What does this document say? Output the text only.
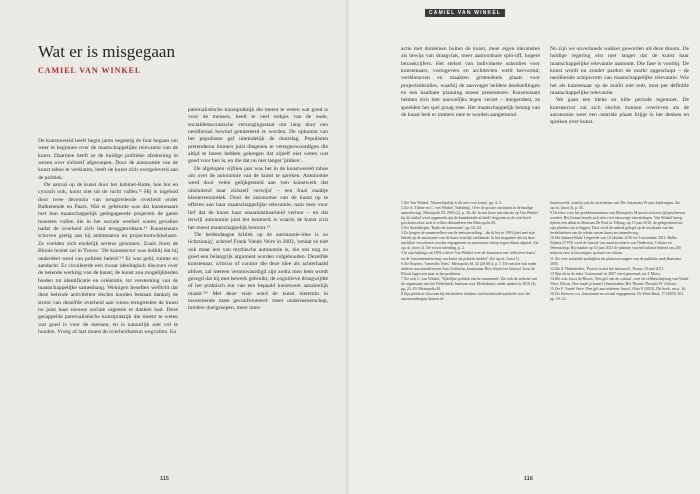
Wat er is misgegaan
CAMIEL VAN WINKEL

De kunstwereld heeft begin jaren negentig de fout begaan om weer te beginnen over de maatschappelijke relevantie van de kunst. Daarmee heeft ze de huidige politieke afrekening in wezen over zichzelf afgeroepen. Door de autonomie van de kunst taboe te verklaren, heeft de kunst zich overgeleverd aan de politiek.

De aanval op de kunst door het kabinet-Rutte, hoe bot en cynisch ook, komt niet uit de lucht vallen.¹² Hij is ingeluid door twee decennia van terugtredende overheid onder Balkenende en Paars. Wat er gebeurde was dat kunstenaars met hun maatschappelijk geëngageerde projecten de gaten moesten vullen die in het sociale weefsel waren gevallen nadat de overheid zich had teruggetrokken.¹³ Kunstenaars schoven gretig aan bij ambtenaren en projectontwikkelaars. Ze voelden zich eindelijk serieus genomen. Zoals Joost de Bloois recent zei in Trouw: 'De kunstsector was dolblij dat hij onderdeel werd van politiek beleid.'¹⁴ Er was geld, ruimte en aandacht. Er circuleerde een zwaar ideologisch discours over de helende werking van de kunst; de kunst zou mogelijkheden bieden tot identificatie en oriëntatie, tot versterking van de maatschappelijke samenhang. Weinigen beseften wellicht dat deze helende activiteiten slechts konden bestaan dankzij de strom van dezelfde overheid aan wiens terugtreden de kunst nu juist haar nieuwe sociale urgentie te danken had. Deze gesappelde paternalistische kunstpraktijk die meent te weten wat goed is voor de mensen, en is natuurlijk niet vol te houden. Vroeg of laat moest de overheidssteun wegvallen. En

paternalistische kunstpraktijk die meent te weten wat goed is voor de mensen, heeft te veel trekjes van de oude, socialdemocratische verzorgingsstaat om lang door een neoliberaal bewind getolereerd te worden. De opkomst van het populisme gaf uiteindelijk de doorslag. Populisten pretenderen immers juist diegenen te vertegenwoordigen die altijd te horen hebben gekregen dat zijzelf niet weten wat goed voor hen is, en die dat nu niet langer 'pikken'.

De afgelopen vijftien jaar was het in de kunstwereld taboe om over de autonomie van de kunst te spreken. Autonomie werd door velen gelijkgesteld aan 'een kunstwerk dat uitsluitend naar zichzelf verwijst' – een fraai staaltje kleutersemiotiek. Door de autonomie van de kunst op te offeren aan haar maatschappelijke relevantie, nam men voor lief dat de kunst haar onaantastbaarheid verloor – en dat terwijl autonomie juist het kenmerk is waarin de kunst zich het meest maatschappelijk betoont.¹⁵

'De hedendaagse kritiek op de autonomie-idee is zo lichtzinnig', schreef Frank Vande Veire in 2003, 'omdat ze niet ook maar iets van mythische autonomie is, die ons nog zo goed een belangrijk argument worden volgehouden. Dezelfde kunstenaar, criticus of curator die deze idee als achterhaald afdoet, zal meteen verontwaardigd zijn zodra men hem wordt gezegd dat hij met bewerk gebruikt, de cognitieve draagwijdte of het praktisch nut van een bepaald kunstwerk aanzienlijk maakt.'¹⁶ Met deze visie werd de kunst nietemin in toenemende mate geconfronteerd: meer ondernemerschap, bredere doelgroepen, meer inter-

115

actie met domeinen buiten de kunst, meer eigen inkomsten als bewijs van draagvlak, meer aantoonbare spin-off, hogere bezoekcijfers. Het stelsel van individuele subsidies voor kunstenaars, vormgevers en architecten werd hervormd; werkbeurzen en maakten grotendeels plaats voor projectsubsidies, waarbij de aanvrager heldere doelstellingen en een haalbare planning moest presenteren. Kunstenaars hebben zich hier nauwelijks tegen verzet – integendeel, ze speelden het spel graag mee. Het maatschappelijk belang van de kunst leek er immers mee te worden aangetoond.

Nu zijn we onverhoeds wakker geworden uit deze droom. De huidige regering eist niet langer dat de kunst haar maatschappelijke relevantie aantoont. Die fase is voorbij. De kunst wordt nu zonder pardon de markt opgeschopt – de neoliberale schijnvorm van maatschappelijke relevantie. Wie het als kunstenaar op de markt niet redt, mist per definitie maatschappelijke relevantie.

We gaan een bleke en kille periode tegemoet. De kunstsector zal zich slechts kunnen overleven als de autonomie weer een centrale plaats krijgt in het denken en spreken over kunst.

1 Zie Van Winkel, 'Waarschijnlijk is dit niet voor kunst', pp. 4–5.
2 Zie A. Tilmie en C. van Winkel, 'Inleiding'. Over de positie van kunst in de huidige samenleving', Metropolis M, 2003 (2), p. 36–40. In een korte introductie op Van Winkel bij dit artikel werd opgemerkt dat de kunstkritiek zichzelf enigszins in de voet heeft geschoten door zich te willen distantiëren van Metropolis M.
3 Zie Steenbergen, 'Radicale autonomie', pp. 62–63.
4 Zo kregen de samenstellers van de tentoonstelling – die ik het in 1993 (zie) met zijn kritiek op de autonomie van de kunst feitelijk verklaarde. In het magazine dat bij deze jaarlijkse verschenen worden engagement en autonomie scherp tegen elkaar afgezet. Zie op.cit. (noot 2). De voorts inleiding, p. 2.
5 In zijn bijdrage uit 1994 schreef Van Winkel over de domeinen van 'reflexieve kunst' en de 'instrumentalisering van kunst als politiek middel', Zie op.cit. (noot 1).
6 Zie Ruyters, 'Generalis Niets', Metropolis M, 32 (2010) 4, p. 5. De reacties van onder anderen museumdirecteur Ann Goldstein, kunstenaar Hito Steyerl en filosoof Joost de Bloois lagen een paar in het probleem.
7 Zie ook C. van Winkel, 'Tijdelijke politiek van de autonomie', Zie ook de website van de organisatie van het Nederlands Instituut voor Mediakunst, onder andere in 2010 (3), pp. 23–29. Metropolis M.
8 Zijn pleidooi sloot aan bij een bredere tendens van hernieuwde aandacht voor het autonomiebegrip binnen de
kunstwereld, waarbij ook de activiteiten van The Autonomy Project bijdroegen. Zie op.cit. (noot 3), p. 45.
9 De tekst voor het probleemnummer van Metropolis M moest in korte tijd geschreven worden. Het format laende zich niet voor uitvoerige uitweidingen. Van Winkel kreeg tijdens een debat in Museum De Pont in Tilburg, op 15 juni 2010, de gelegenheid om zijn pleidooi uit te leggen. Daar werd de nadruk gelegd op de noodzaak van het herdefiniëren van de relatie tussen kunst en samenleving.
10 Het kabinet-Rutte I regeerde van 14 oktober 2010 tot 5 november 2012. Halbe Zijlstra (VVD) werd de functie van staatssecretaris van Onderwijs, Cultuur en Wetenschap. Hij maakte op 10 juni 2011 de plannen van het kabinet bekend om 200 miljoen euro te bezuinigen op kunst en cultuur.
11 Zie over artistieke praktijken als plaatsvervangers van de publieke zaak Runcima 2005.
12 Zie S. Hiskemuller, 'Protest is niet het antwoord', Trouw, 10 mei 2011.
13 Wat als in de tekst 'Autonomie' in 2007 werd genoemd; zie J. Mooy.
14 Zie ook: Joost de Bloois, 'Een gift van de cultuur', over de zelfbeschrijving van Vande Veire. Bloois, Hoe maak je kunst? (Amsterdam: Het Theater Theodor W. Adorno.
15 Zie F. Vande Veire, 'Een gift aan iedereen: kunst', Okto 8 (2003). Dit boek, zie p. 16.
16 Zie hierover o.a. Autonomie en sociaal engagement, De Witte Raaf, 17 (2003) 101, pp. 19–23.
116
CAMIEL VAN WINKEL
